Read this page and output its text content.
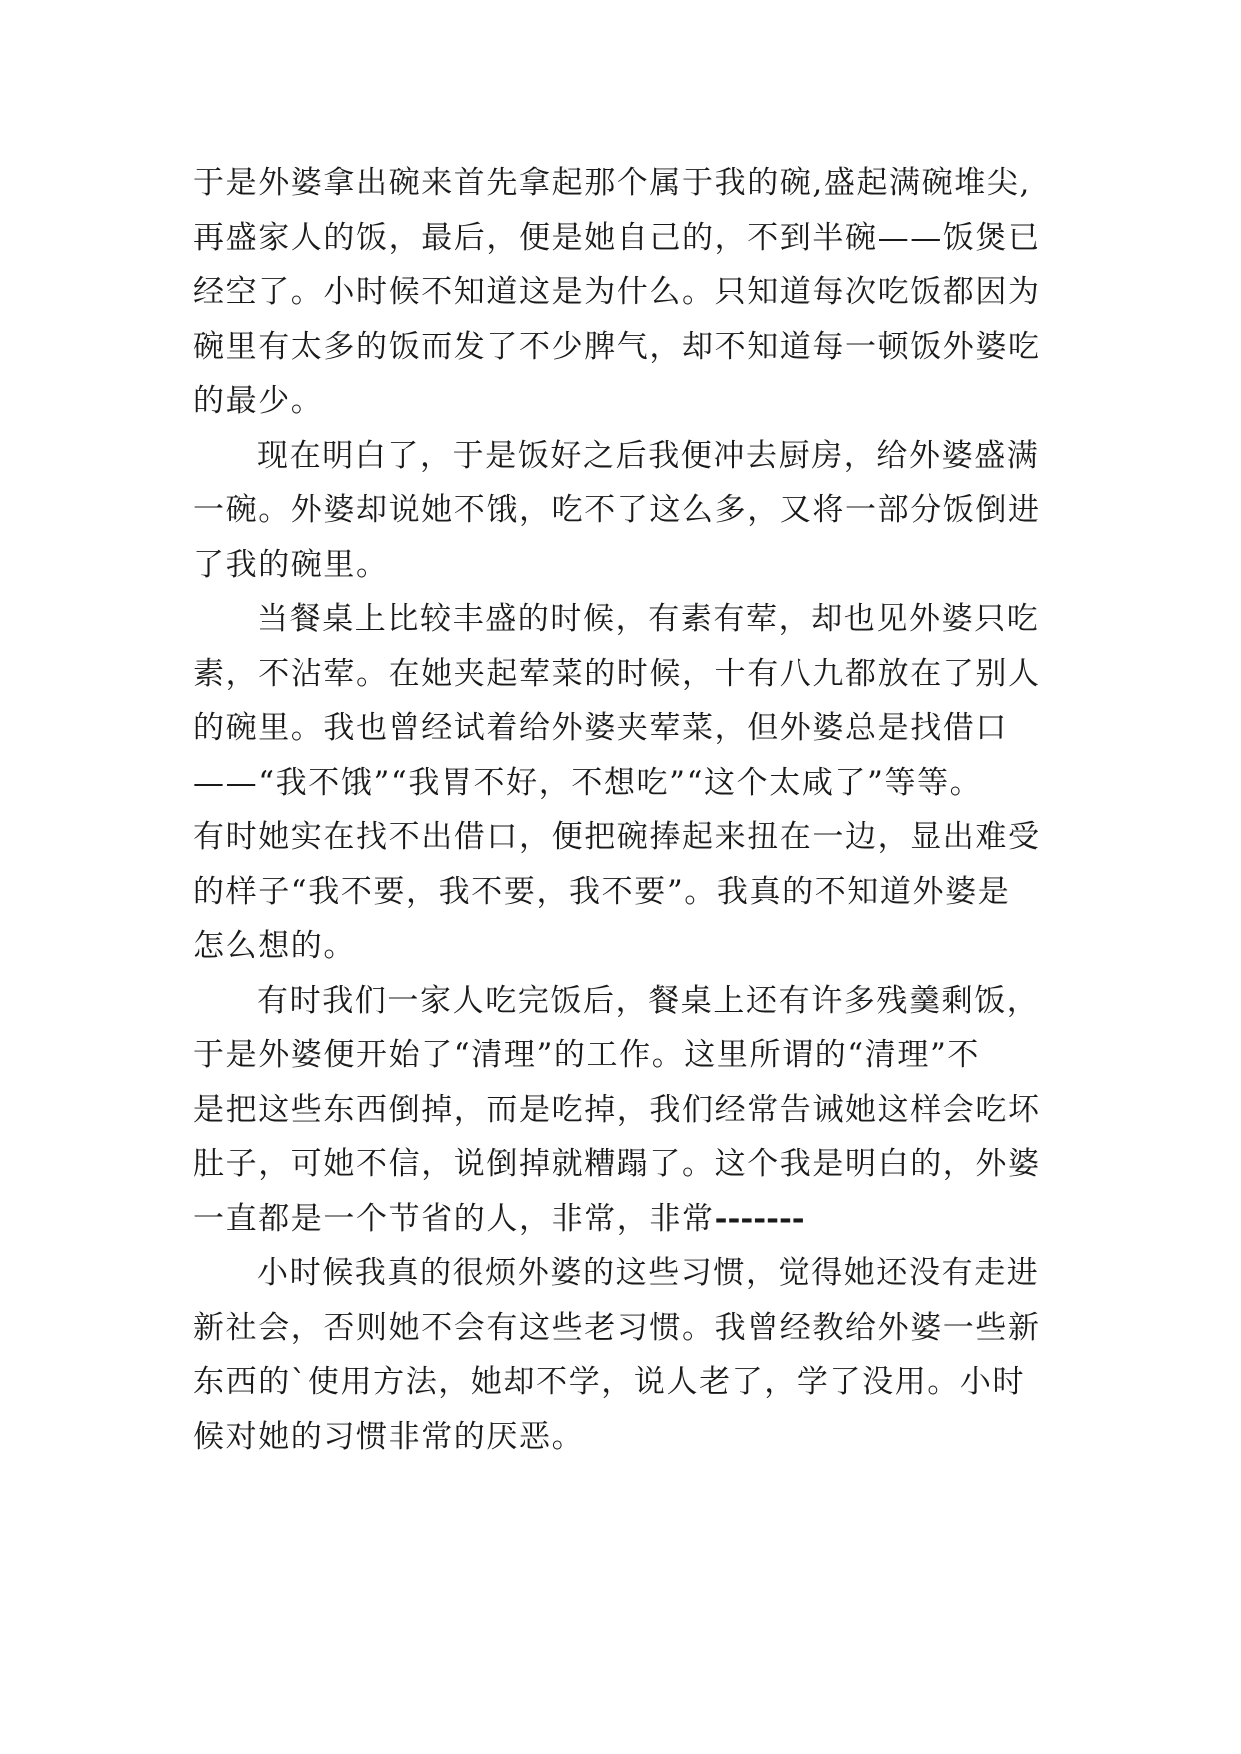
于是外婆拿出碗来首先拿起那个属于我的碗,盛起满碗堆尖,
再盛家人的饭，最后，便是她自己的，不到半碗——饭煲已
经空了。小时候不知道这是为什么。只知道每次吃饭都因为
碗里有太多的饭而发了不少脾气，却不知道每一顿饭外婆吃
的最少。
现在明白了，于是饭好之后我便冲去厨房，给外婆盛满
一碗。外婆却说她不饿，吃不了这么多，又将一部分饭倒进
了我的碗里。
当餐桌上比较丰盛的时候，有素有荤，却也见外婆只吃
素，不沾荤。在她夹起荤菜的时候，十有八九都放在了别人
的碗里。我也曾经试着给外婆夹荤菜，但外婆总是找借口
——“我不饿”“我胃不好，不想吃”“这个太咸了”等等。
有时她实在找不出借口，便把碗捧起来扭在一边，显出难受
的样子“我不要，我不要，我不要”。我真的不知道外婆是
怎么想的。
有时我们一家人吃完饭后，餐桌上还有许多残羹剩饭，
于是外婆便开始了“清理”的工作。这里所谓的“清理”不
是把这些东西倒掉，而是吃掉，我们经常告诫她这样会吃坏
肚子，可她不信，说倒掉就糟蹋了。这个我是明白的，外婆
一直都是一个节省的人，非常，非常-------
小时候我真的很烦外婆的这些习惯，觉得她还没有走进
新社会，否则她不会有这些老习惯。我曾经教给外婆一些新
东西的`使用方法，她却不学，说人老了，学了没用。小时
候对她的习惯非常的厌恶。
